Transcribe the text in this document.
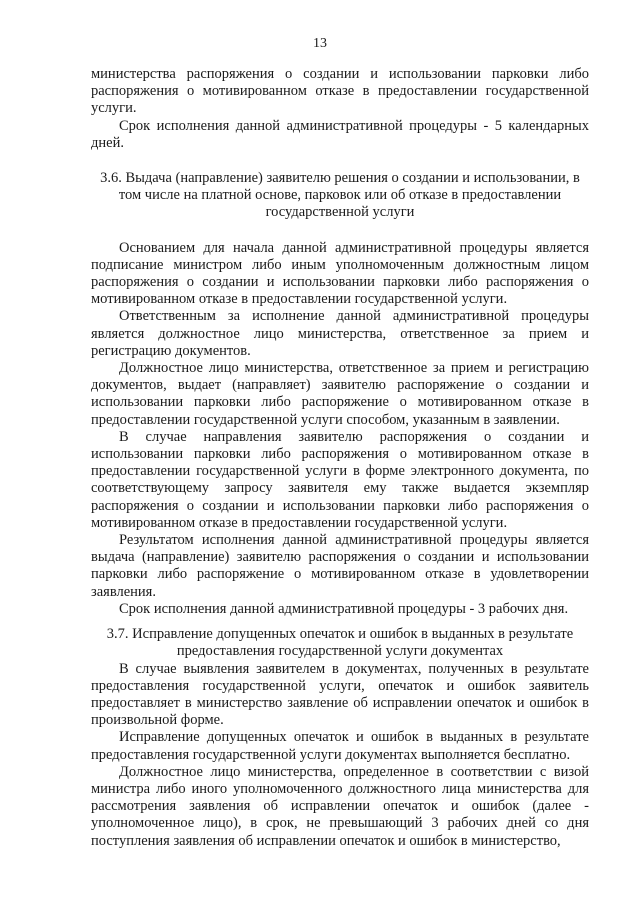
13

министерства распоряжения о создании и использовании парковки либо распоряжения о мотивированном отказе в предоставлении государственной услуги.

Срок исполнения данной административной процедуры - 5 календарных дней.

3.6. Выдача (направление) заявителю решения о создании и использовании, в том числе на платной основе, парковок или об отказе в предоставлении государственной услуги

Основанием для начала данной административной процедуры является подписание министром либо иным уполномоченным должностным лицом распоряжения о создании и использовании парковки либо распоряжения о мотивированном отказе в предоставлении государственной услуги.

Ответственным за исполнение данной административной процедуры является должностное лицо министерства, ответственное за прием и регистрацию документов.

Должностное лицо министерства, ответственное за прием и регистрацию документов, выдает (направляет) заявителю распоряжение о создании и использовании парковки либо распоряжение о мотивированном отказе в предоставлении государственной услуги способом, указанным в заявлении.

В случае направления заявителю распоряжения о создании и использовании парковки либо распоряжения о мотивированном отказе в предоставлении государственной услуги в форме электронного документа, по соответствующему запросу заявителя ему также выдается экземпляр распоряжения о создании и использовании парковки либо распоряжения о мотивированном отказе в предоставлении государственной услуги.

Результатом исполнения данной административной процедуры является выдача (направление) заявителю распоряжения о создании и использовании парковки либо распоряжение о мотивированном отказе в удовлетворении заявления.

Срок исполнения данной административной процедуры - 3 рабочих дня.

3.7. Исправление допущенных опечаток и ошибок в выданных в результате предоставления государственной услуги документах

В случае выявления заявителем в документах, полученных в результате предоставления государственной услуги, опечаток и ошибок заявитель предоставляет в министерство заявление об исправлении опечаток и ошибок в произвольной форме.

Исправление допущенных опечаток и ошибок в выданных в результате предоставления государственной услуги документах выполняется бесплатно.

Должностное лицо министерства, определенное в соответствии с визой министра либо иного уполномоченного должностного лица министерства для рассмотрения заявления об исправлении опечаток и ошибок (далее - уполномоченное лицо), в срок, не превышающий 3 рабочих дней со дня поступления заявления об исправлении опечаток и ошибок в министерство,
